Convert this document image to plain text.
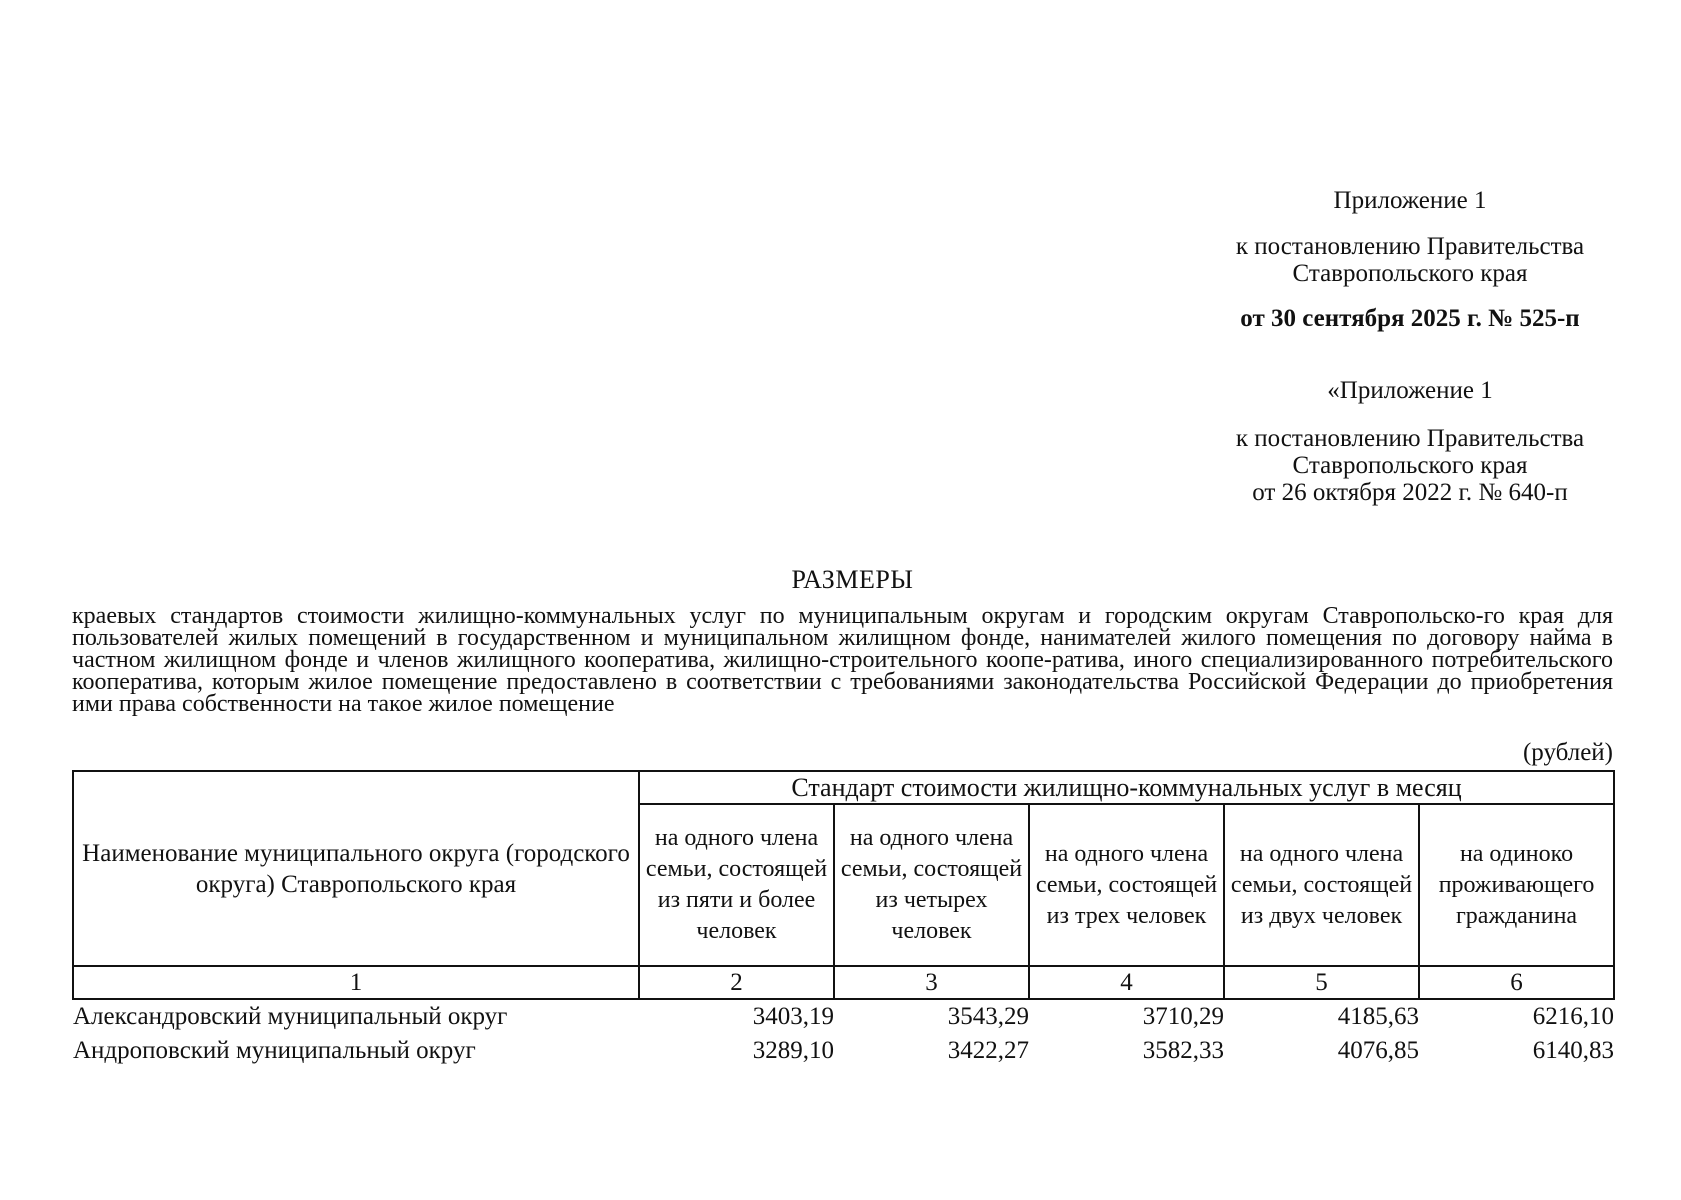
Приложение 1
к постановлению Правительства
Ставропольского края
от 30 сентября 2025 г. № 525-п
«Приложение 1
к постановлению Правительства
Ставропольского края
от 26 октября 2022 г. № 640-п
РАЗМЕРЫ
краевых стандартов стоимости жилищно-коммунальных услуг по муниципальным округам и городским округам Ставропольско-го края для пользователей жилых помещений в государственном и муниципальном жилищном фонде, нанимателей жилого помещения по договору найма в частном жилищном фонде и членов жилищного кооператива, жилищно-строительного коопе-ратива, иного специализированного потребительского кооператива, которым жилое помещение предоставлено в соответствии с требованиями законодательства Российской Федерации до приобретения ими права собственности на такое жилое помещение
(рублей)
Наименование муниципального округа (городского округа) Ставропольского края	Стандарт стоимости жилищно-коммунальных услуг в месяц				
	на одного члена семьи, состоящей из пяти и более человек	на одного члена семьи, состоящей из четырех человек	на одного члена семьи, состоящей из трех человек	на одного члена семьи, состоящей из двух человек	на одиноко проживающего гражданина
1	2	3	4	5	6
Александровский муниципальный округ	3403,19	3543,29	3710,29	4185,63	6216,10
Андроповский муниципальный округ	3289,10	3422,27	3582,33	4076,85	6140,83
